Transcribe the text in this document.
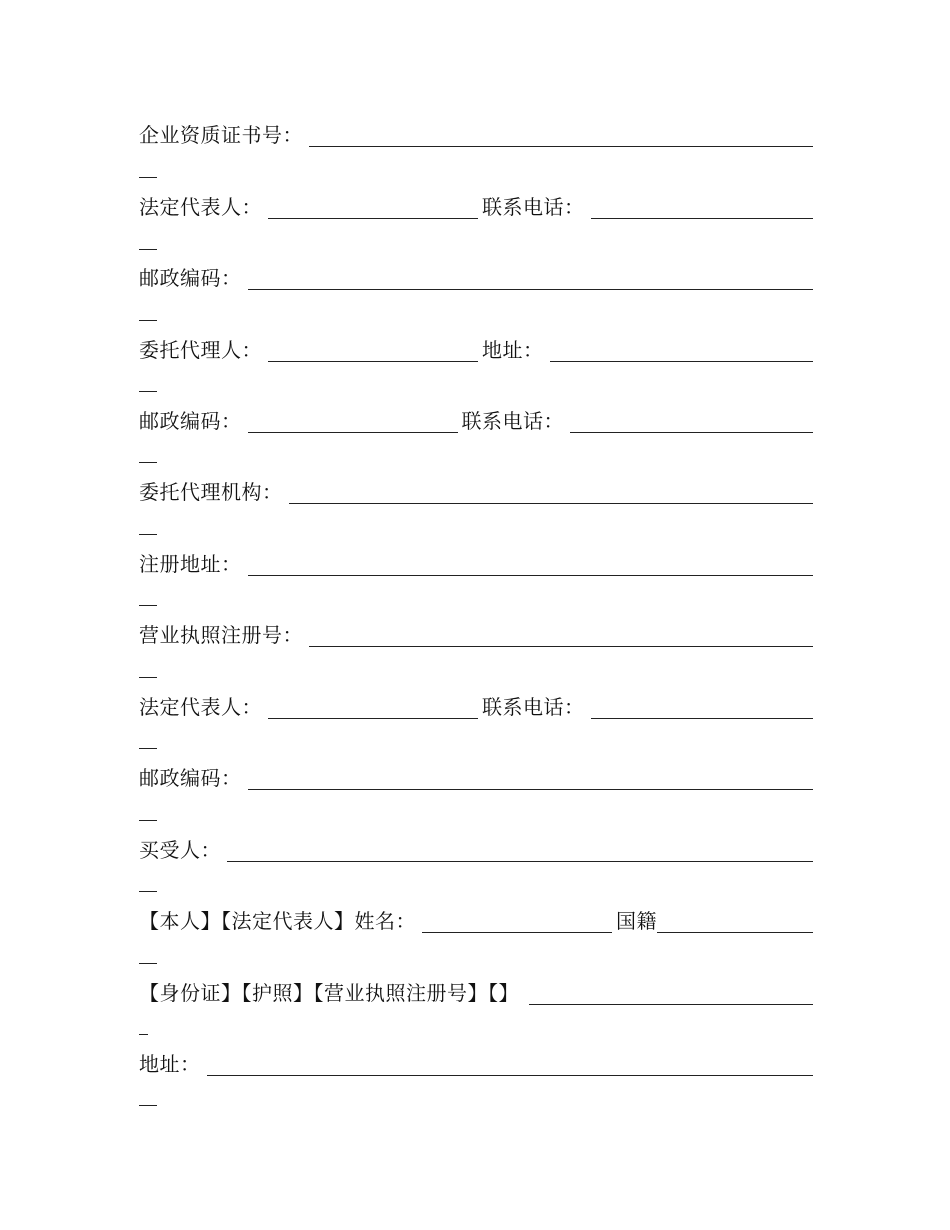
企业资质证书号：
法定代表人：	联系电话：
邮政编码：
委托代理人：	地址：
邮政编码：	联系电话：
委托代理机构：
注册地址：
营业执照注册号：
法定代表人：	联系电话：
邮政编码：
买受人：
【本人】【法定代表人】姓名：	国籍
【身份证】【护照】【营业执照注册号】【】
地址：
